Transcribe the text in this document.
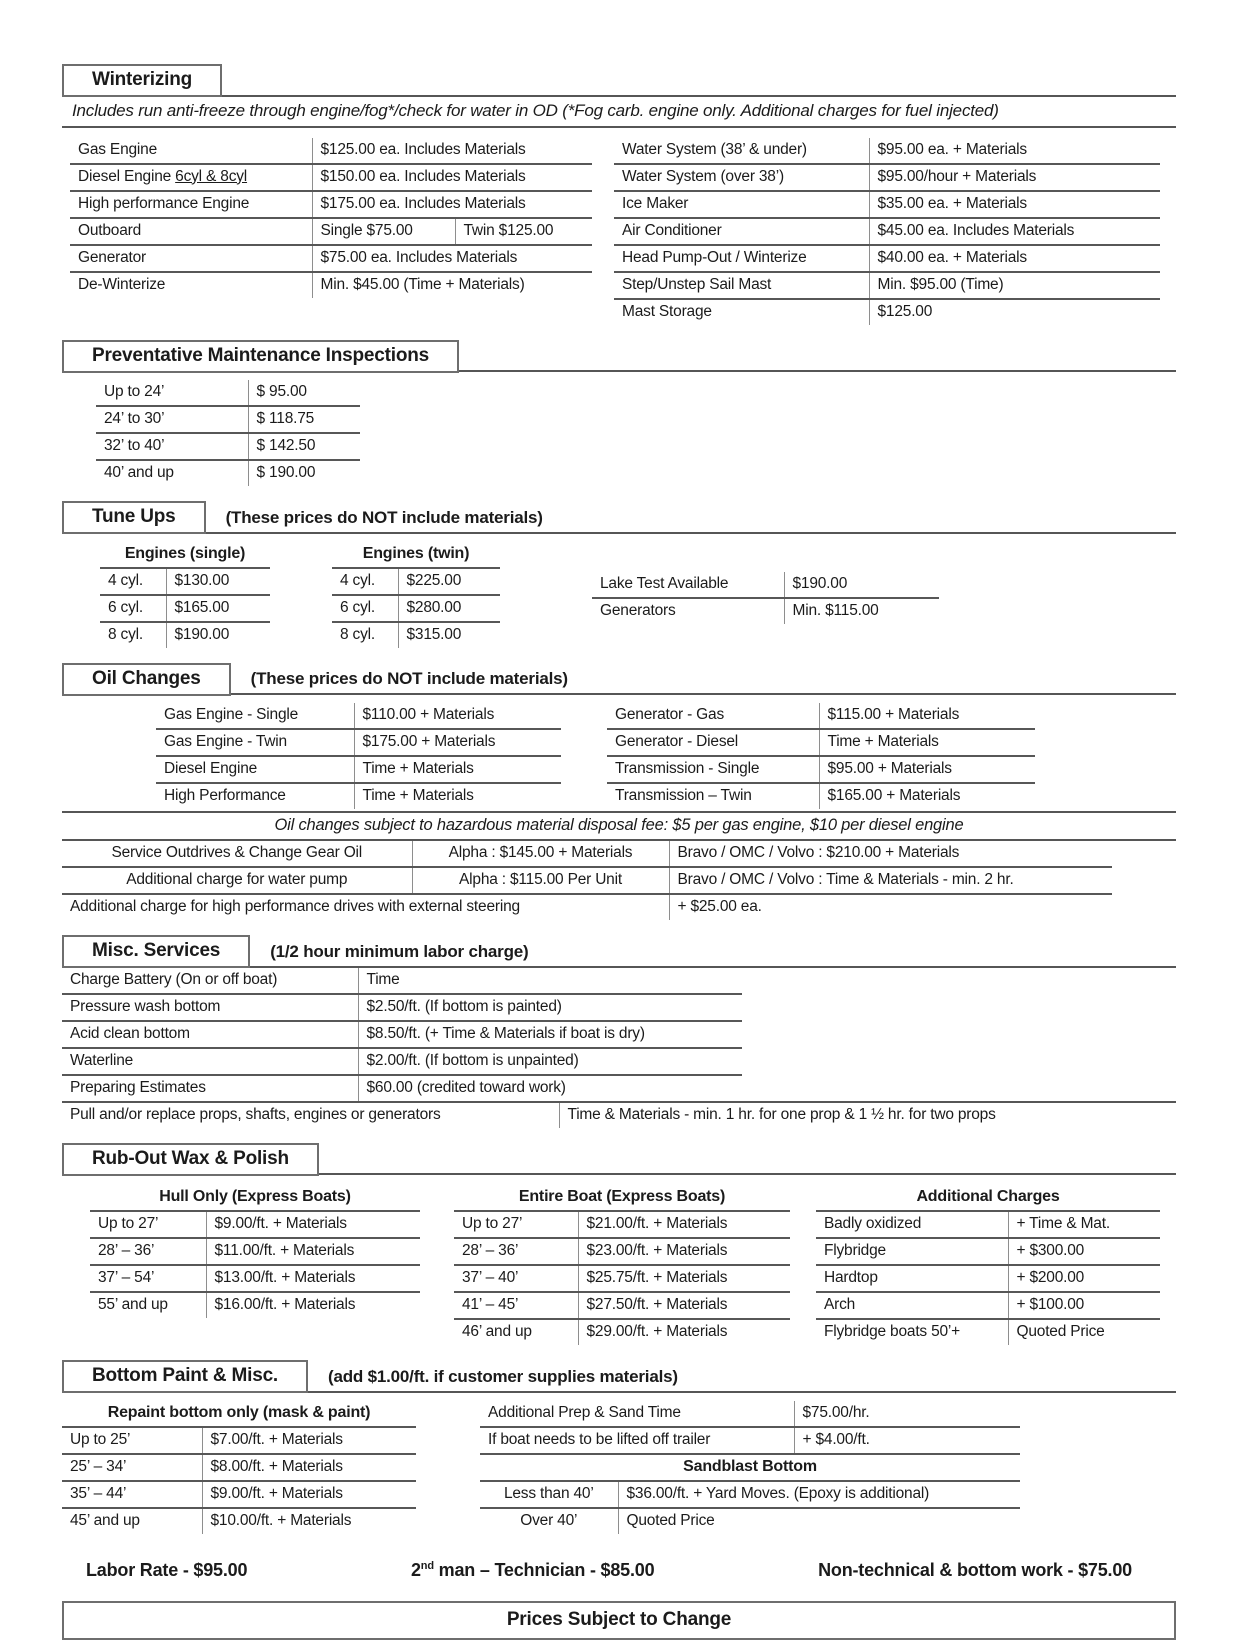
Winterizing
Includes run anti-freeze through engine/fog*/check for water in OD (*Fog carb. engine only. Additional charges for fuel injected)
Gas Engine	$125.00 ea. Includes Materials	
Diesel Engine 6cyl & 8cyl	$150.00 ea. Includes Materials	
High performance Engine	$175.00 ea. Includes Materials	
Outboard	Single $75.00	Twin $125.00
Generator	$75.00 ea. Includes Materials	
De-Winterize	Min. $45.00 (Time + Materials)	
Water System (38’ & under)	$95.00 ea. + Materials
Water System (over 38’)	$95.00/hour + Materials
Ice Maker	$35.00 ea. + Materials
Air Conditioner	$45.00 ea. Includes Materials
Head Pump-Out / Winterize	$40.00 ea. + Materials
Step/Unstep Sail Mast	Min. $95.00 (Time)
Mast Storage	$125.00
Preventative Maintenance Inspections
Up to 24’	$ 95.00
24’ to 30’	$ 118.75
32’ to 40’	$ 142.50
40’ and up	$ 190.00
Tune Ups	(These prices do NOT include materials)
Engines (single)	
4 cyl.	$130.00
6 cyl.	$165.00
8 cyl.	$190.00
Engines (twin)	
4 cyl.	$225.00
6 cyl.	$280.00
8 cyl.	$315.00
Lake Test Available	$190.00
Generators	Min. $115.00
Oil Changes	(These prices do NOT include materials)
Gas Engine - Single	$110.00 + Materials
Gas Engine - Twin	$175.00 + Materials
Diesel Engine	Time + Materials
High Performance	Time + Materials
Generator - Gas	$115.00 + Materials
Generator - Diesel	Time + Materials
Transmission - Single	$95.00 + Materials
Transmission – Twin	$165.00 + Materials
Oil changes subject to hazardous material disposal fee: $5 per gas engine, $10 per diesel engine
Service Outdrives & Change Gear Oil	Alpha : $145.00 + Materials	Bravo / OMC / Volvo : $210.00 + Materials
Additional charge for water pump	Alpha : $115.00 Per Unit	Bravo / OMC / Volvo : Time & Materials - min. 2 hr.
Additional charge for high performance drives with external steering		+ $25.00 ea.
Misc. Services	(1/2 hour minimum labor charge)
Charge Battery (On or off boat)	Time
Pressure wash bottom	$2.50/ft. (If bottom is painted)
Acid clean bottom	$8.50/ft. (+ Time & Materials if boat is dry)
Waterline	$2.00/ft. (If bottom is unpainted)
Preparing Estimates	$60.00 (credited toward work)
Pull and/or replace props, shafts, engines or generators	Time & Materials - min. 1 hr. for one prop & 1 ½ hr. for two props
Rub-Out Wax & Polish
Hull Only (Express Boats)	
Up to 27’	$9.00/ft. + Materials
28’ – 36’	$11.00/ft. + Materials
37’ – 54’	$13.00/ft. + Materials
55’ and up	$16.00/ft. + Materials
Entire Boat (Express Boats)	
Up to 27’	$21.00/ft. + Materials
28’ – 36’	$23.00/ft. + Materials
37’ – 40’	$25.75/ft. + Materials
41’ – 45’	$27.50/ft. + Materials
46’ and up	$29.00/ft. + Materials
Additional Charges	
Badly oxidized	+ Time & Mat.
Flybridge	+ $300.00
Hardtop	+ $200.00
Arch	+ $100.00
Flybridge boats 50’+	Quoted Price
Bottom Paint & Misc.	(add $1.00/ft. if customer supplies materials)
Repaint bottom only (mask & paint)	
Up to 25’	$7.00/ft. + Materials
25’ – 34’	$8.00/ft. + Materials
35’ – 44’	$9.00/ft. + Materials
45’ and up	$10.00/ft. + Materials
Additional Prep & Sand Time	$75.00/hr.
If boat needs to be lifted off trailer	+ $4.00/ft.
Sandblast Bottom
Less than 40’	$36.00/ft. + Yard Moves. (Epoxy is additional)
Over 40’	Quoted Price
Labor Rate - $95.00	2nd man – Technician - $85.00	Non-technical & bottom work - $75.00
Prices Subject to Change
